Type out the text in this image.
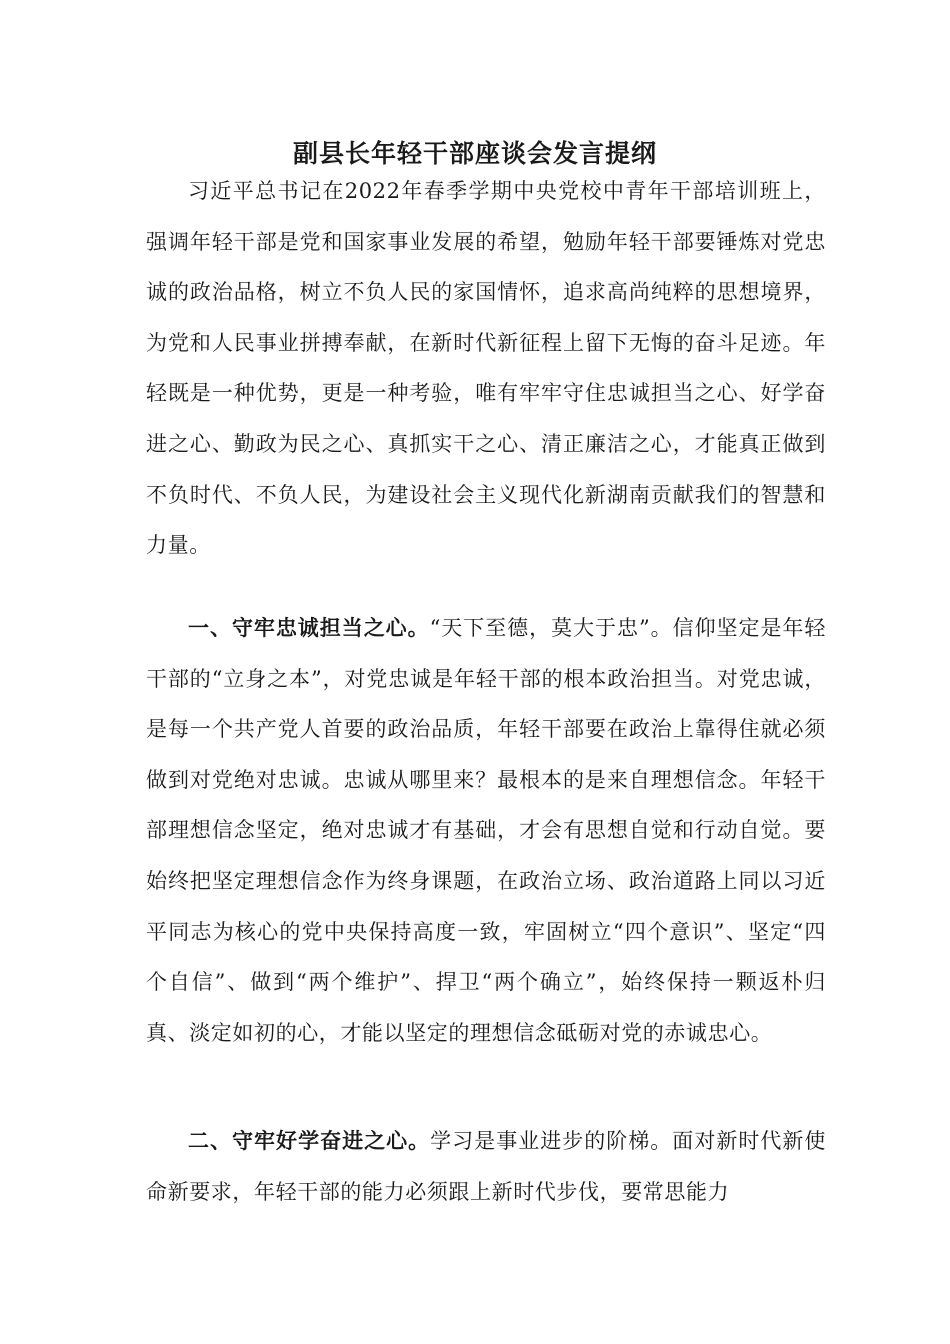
副县长年轻干部座谈会发言提纲

习近平总书记在2022年春季学期中央党校中青年干部培训班上，强调年轻干部是党和国家事业发展的希望，勉励年轻干部要锤炼对党忠诚的政治品格，树立不负人民的家国情怀，追求高尚纯粹的思想境界，为党和人民事业拼搏奉献，在新时代新征程上留下无悔的奋斗足迹。年轻既是一种优势，更是一种考验，唯有牢牢守住忠诚担当之心、好学奋进之心、勤政为民之心、真抓实干之心、清正廉洁之心，才能真正做到不负时代、不负人民，为建设社会主义现代化新湖南贡献我们的智慧和力量。

一、守牢忠诚担当之心。“天下至德，莫大于忠”。信仰坚定是年轻干部的“立身之本”，对党忠诚是年轻干部的根本政治担当。对党忠诚，是每一个共产党人首要的政治品质，年轻干部要在政治上靠得住就必须做到对党绝对忠诚。忠诚从哪里来？最根本的是来自理想信念。年轻干部理想信念坚定，绝对忠诚才有基础，才会有思想自觉和行动自觉。要始终把坚定理想信念作为终身课题，在政治立场、政治道路上同以习近平同志为核心的党中央保持高度一致，牢固树立“四个意识”、坚定“四个自信”、做到“两个维护”、捍卫“两个确立”，始终保持一颗返朴归真、淡定如初的心，才能以坚定的理想信念砥砺对党的赤诚忠心。

二、守牢好学奋进之心。学习是事业进步的阶梯。面对新时代新使命新要求，年轻干部的能力必须跟上新时代步伐，要常思能力
